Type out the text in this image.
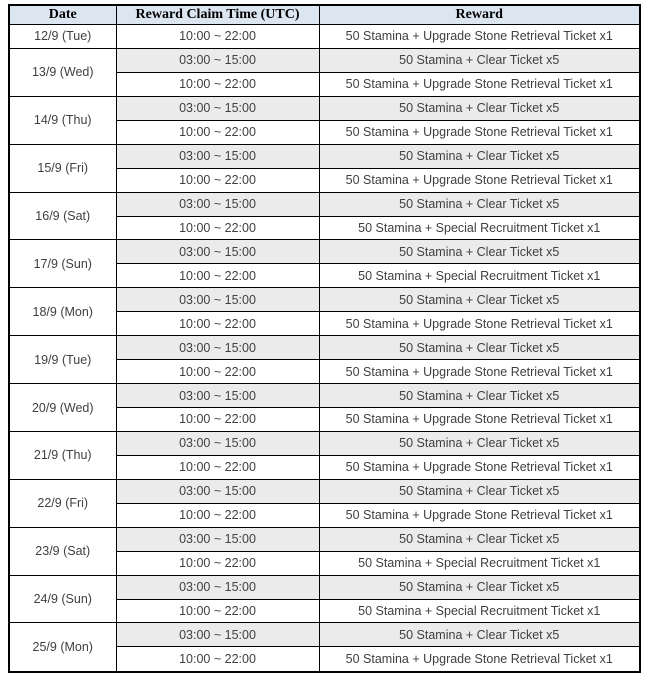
Date	Reward Claim Time (UTC)	Reward
12/9 (Tue)	10:00 ~ 22:00	50 Stamina + Upgrade Stone Retrieval Ticket x1
13/9 (Wed)	03:00 ~ 15:00	50 Stamina + Clear Ticket x5
	10:00 ~ 22:00	50 Stamina + Upgrade Stone Retrieval Ticket x1
14/9 (Thu)	03:00 ~ 15:00	50 Stamina + Clear Ticket x5
	10:00 ~ 22:00	50 Stamina + Upgrade Stone Retrieval Ticket x1
15/9 (Fri)	03:00 ~ 15:00	50 Stamina + Clear Ticket x5
	10:00 ~ 22:00	50 Stamina + Upgrade Stone Retrieval Ticket x1
16/9 (Sat)	03:00 ~ 15:00	50 Stamina + Clear Ticket x5
	10:00 ~ 22:00	50 Stamina + Special Recruitment Ticket x1
17/9 (Sun)	03:00 ~ 15:00	50 Stamina + Clear Ticket x5
	10:00 ~ 22:00	50 Stamina + Special Recruitment Ticket x1
18/9 (Mon)	03:00 ~ 15:00	50 Stamina + Clear Ticket x5
	10:00 ~ 22:00	50 Stamina + Upgrade Stone Retrieval Ticket x1
19/9 (Tue)	03:00 ~ 15:00	50 Stamina + Clear Ticket x5
	10:00 ~ 22:00	50 Stamina + Upgrade Stone Retrieval Ticket x1
20/9 (Wed)	03:00 ~ 15:00	50 Stamina + Clear Ticket x5
	10:00 ~ 22:00	50 Stamina + Upgrade Stone Retrieval Ticket x1
21/9 (Thu)	03:00 ~ 15:00	50 Stamina + Clear Ticket x5
	10:00 ~ 22:00	50 Stamina + Upgrade Stone Retrieval Ticket x1
22/9 (Fri)	03:00 ~ 15:00	50 Stamina + Clear Ticket x5
	10:00 ~ 22:00	50 Stamina + Upgrade Stone Retrieval Ticket x1
23/9 (Sat)	03:00 ~ 15:00	50 Stamina + Clear Ticket x5
	10:00 ~ 22:00	50 Stamina + Special Recruitment Ticket x1
24/9 (Sun)	03:00 ~ 15:00	50 Stamina + Clear Ticket x5
	10:00 ~ 22:00	50 Stamina + Special Recruitment Ticket x1
25/9 (Mon)	03:00 ~ 15:00	50 Stamina + Clear Ticket x5
	10:00 ~ 22:00	50 Stamina + Upgrade Stone Retrieval Ticket x1
